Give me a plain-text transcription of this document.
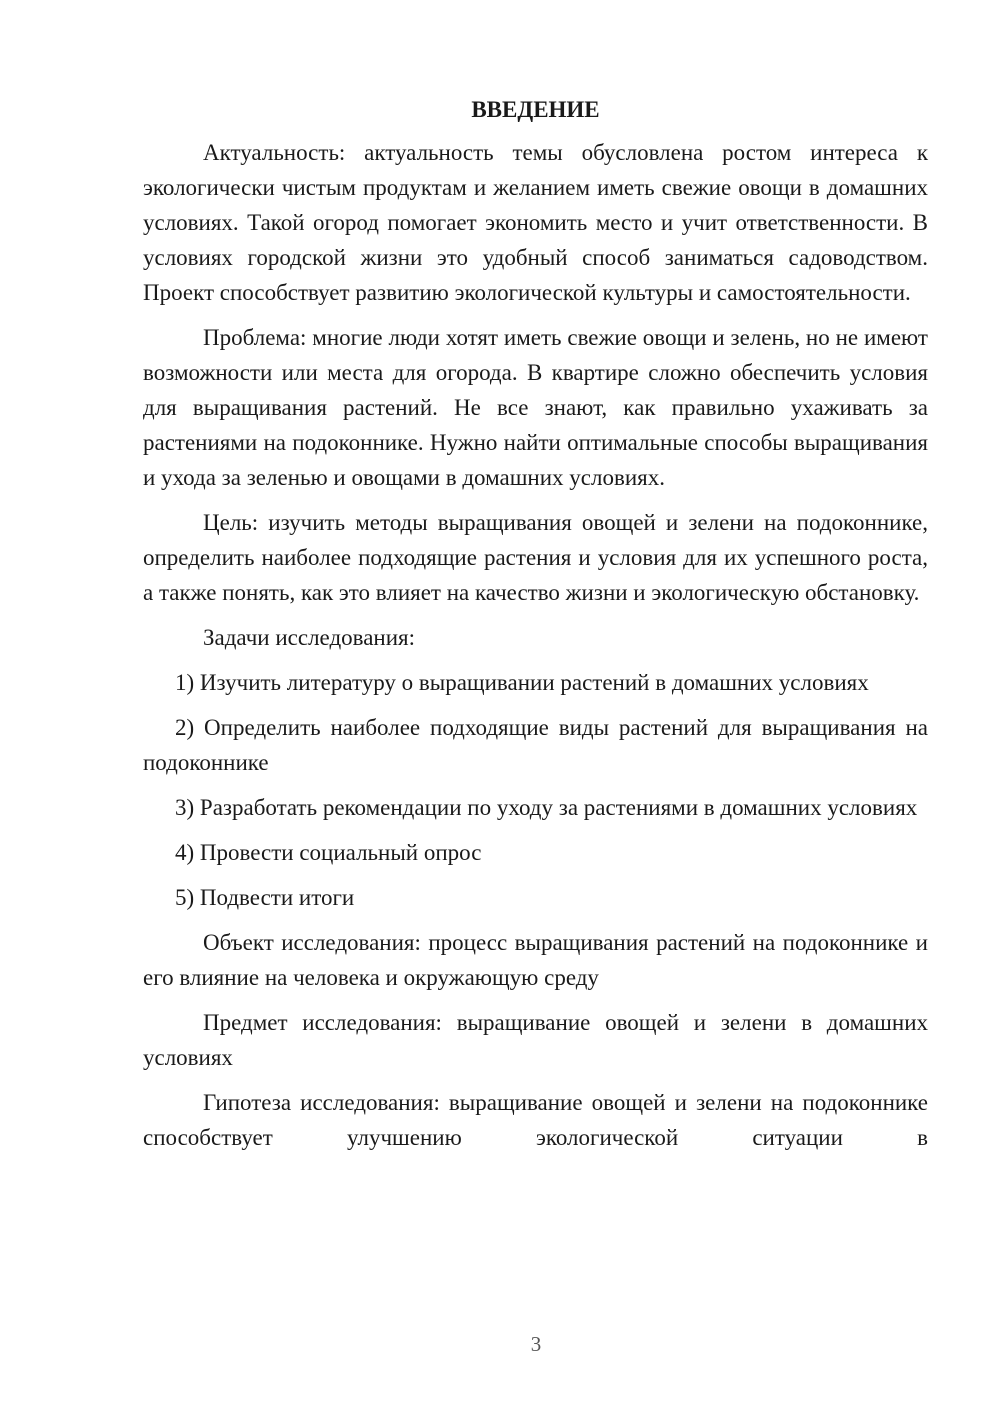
ВВЕДЕНИЕ
Актуальность: актуальность темы обусловлена ростом интереса к экологически чистым продуктам и желанием иметь свежие овощи в домашних условиях. Такой огород помогает экономить место и учит ответственности. В условиях городской жизни это удобный способ заниматься садоводством. Проект способствует развитию экологической культуры и самостоятельности.
Проблема: многие люди хотят иметь свежие овощи и зелень, но не имеют возможности или места для огорода. В квартире сложно обеспечить условия для выращивания растений. Не все знают, как правильно ухаживать за растениями на подоконнике. Нужно найти оптимальные способы выращивания и ухода за зеленью и овощами в домашних условиях.
Цель: изучить методы выращивания овощей и зелени на подоконнике, определить наиболее подходящие растения и условия для их успешного роста, а также понять, как это влияет на качество жизни и экологическую обстановку.
Задачи исследования:
1) Изучить литературу о выращивании растений в домашних условиях
2) Определить наиболее подходящие виды растений для выращивания на подоконнике
3) Разработать рекомендации по уходу за растениями в домашних условиях
4) Провести социальный опрос
5) Подвести итоги
Объект исследования: процесс выращивания растений на подоконнике и его влияние на человека и окружающую среду
Предмет исследования: выращивание овощей и зелени в домашних условиях
Гипотеза исследования: выращивание овощей и зелени на подоконнике способствует улучшению экологической ситуации в
3
